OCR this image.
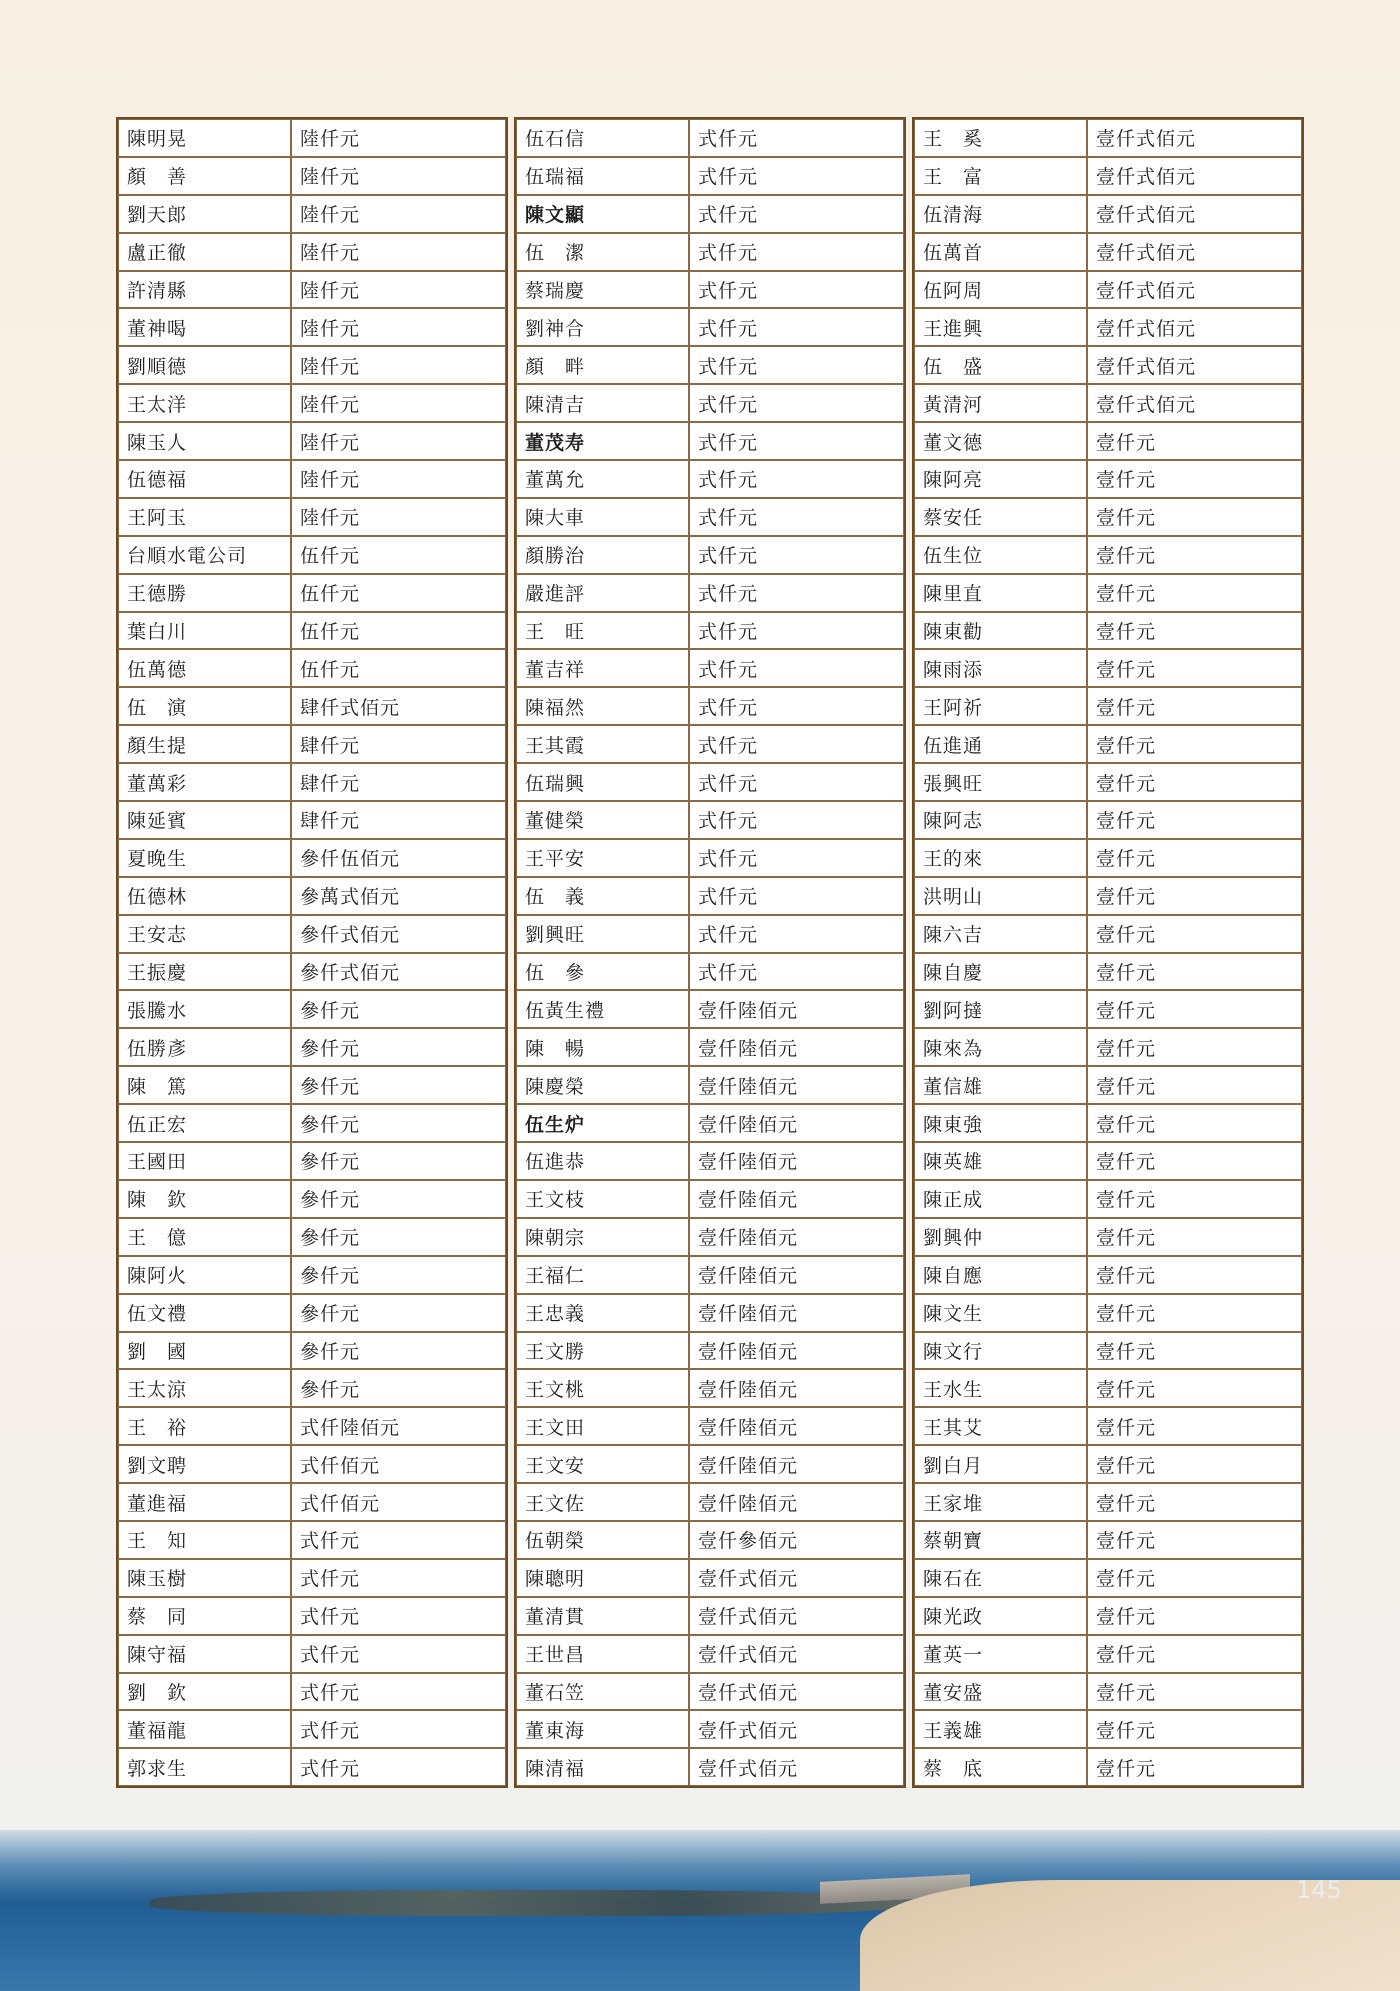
陳明晃	陸仟元
顏　善	陸仟元
劉天郎	陸仟元
盧正徹	陸仟元
許清縣	陸仟元
董神喝	陸仟元
劉順德	陸仟元
王太洋	陸仟元
陳玉人	陸仟元
伍德福	陸仟元
王阿玉	陸仟元
台順水電公司	伍仟元
王德勝	伍仟元
葉白川	伍仟元
伍萬德	伍仟元
伍　演	肆仟式佰元
顏生提	肆仟元
董萬彩	肆仟元
陳延賓	肆仟元
夏晚生	參仟伍佰元
伍德林	參萬式佰元
王安志	參仟式佰元
王振慶	參仟式佰元
張騰水	參仟元
伍勝彥	參仟元
陳　篤	參仟元
伍正宏	參仟元
王國田	參仟元
陳　欽	參仟元
王　億	參仟元
陳阿火	參仟元
伍文禮	參仟元
劉　國	參仟元
王太涼	參仟元
王　裕	式仟陸佰元
劉文聘	式仟佰元
董進福	式仟佰元
王　知	式仟元
陳玉樹	式仟元
蔡　同	式仟元
陳守福	式仟元
劉　欽	式仟元
董福龍	式仟元
郭求生	式仟元
伍石信	式仟元
伍瑞福	式仟元
陳文顯	式仟元
伍　潔	式仟元
蔡瑞慶	式仟元
劉神合	式仟元
顏　畔	式仟元
陳清吉	式仟元
董茂寿	式仟元
董萬允	式仟元
陳大車	式仟元
顏勝治	式仟元
嚴進評	式仟元
王　旺	式仟元
董吉祥	式仟元
陳福然	式仟元
王其霞	式仟元
伍瑞興	式仟元
董健榮	式仟元
王平安	式仟元
伍　義	式仟元
劉興旺	式仟元
伍　參	式仟元
伍黃生禮	壹仟陸佰元
陳　暢	壹仟陸佰元
陳慶榮	壹仟陸佰元
伍生炉	壹仟陸佰元
伍進恭	壹仟陸佰元
王文枝	壹仟陸佰元
陳朝宗	壹仟陸佰元
王福仁	壹仟陸佰元
王忠義	壹仟陸佰元
王文勝	壹仟陸佰元
王文桃	壹仟陸佰元
王文田	壹仟陸佰元
王文安	壹仟陸佰元
王文佐	壹仟陸佰元
伍朝榮	壹仟參佰元
陳聰明	壹仟式佰元
董清貫	壹仟式佰元
王世昌	壹仟式佰元
董石笠	壹仟式佰元
董東海	壹仟式佰元
陳清福	壹仟式佰元
王　奚	壹仟式佰元
王　富	壹仟式佰元
伍清海	壹仟式佰元
伍萬首	壹仟式佰元
伍阿周	壹仟式佰元
王進興	壹仟式佰元
伍　盛	壹仟式佰元
黃清河	壹仟式佰元
董文德	壹仟元
陳阿亮	壹仟元
蔡安任	壹仟元
伍生位	壹仟元
陳里直	壹仟元
陳東勸	壹仟元
陳雨添	壹仟元
王阿祈	壹仟元
伍進通	壹仟元
張興旺	壹仟元
陳阿志	壹仟元
王的來	壹仟元
洪明山	壹仟元
陳六吉	壹仟元
陳自慶	壹仟元
劉阿撻	壹仟元
陳來為	壹仟元
董信雄	壹仟元
陳東強	壹仟元
陳英雄	壹仟元
陳正成	壹仟元
劉興仲	壹仟元
陳自應	壹仟元
陳文生	壹仟元
陳文行	壹仟元
王水生	壹仟元
王其艾	壹仟元
劉白月	壹仟元
王家堆	壹仟元
蔡朝寶	壹仟元
陳石在	壹仟元
陳光政	壹仟元
董英一	壹仟元
董安盛	壹仟元
王義雄	壹仟元
蔡　底	壹仟元
145
